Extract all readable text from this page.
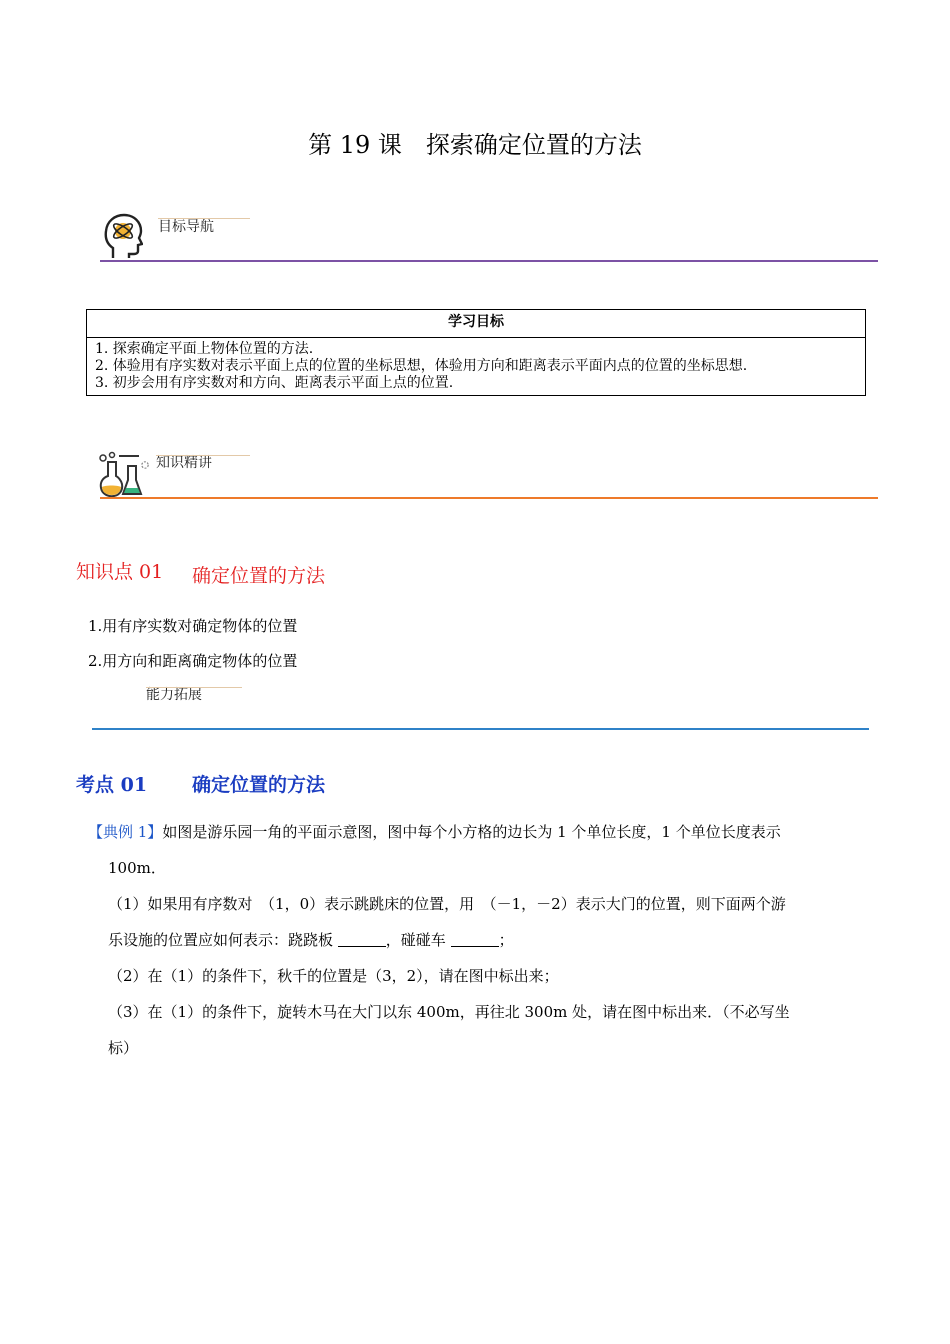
第 19 课　探索确定位置的方法
目标导航
学习目标
1. 探索确定平面上物体位置的方法.
2. 体验用有序实数对表示平面上点的位置的坐标思想，体验用方向和距离表示平面内点的位置的坐标思想.
3. 初步会用有序实数对和方向、距离表示平面上点的位置.
知识精讲
知识点 01 确定位置的方法
1.用有序实数对确定物体的位置
2.用方向和距离确定物体的位置
能力拓展
考点 01 确定位置的方法

【典例 1】如图是游乐园一角的平面示意图，图中每个小方格的边长为 1 个单位长度，1 个单位长度表示

100m．

（1）如果用有序数对　（1，0）表示跳跳床的位置，用　（－1，－2）表示大门的位置，则下面两个游

乐设施的位置应如何表示：跷跷板	，碰碰车	；

（2）在（1）的条件下，秋千的位置是（3，2），请在图中标出来；

（3）在（1）的条件下，旋转木马在大门以东 400m，再往北 300m 处，请在图中标出来．（不必写坐

标）
